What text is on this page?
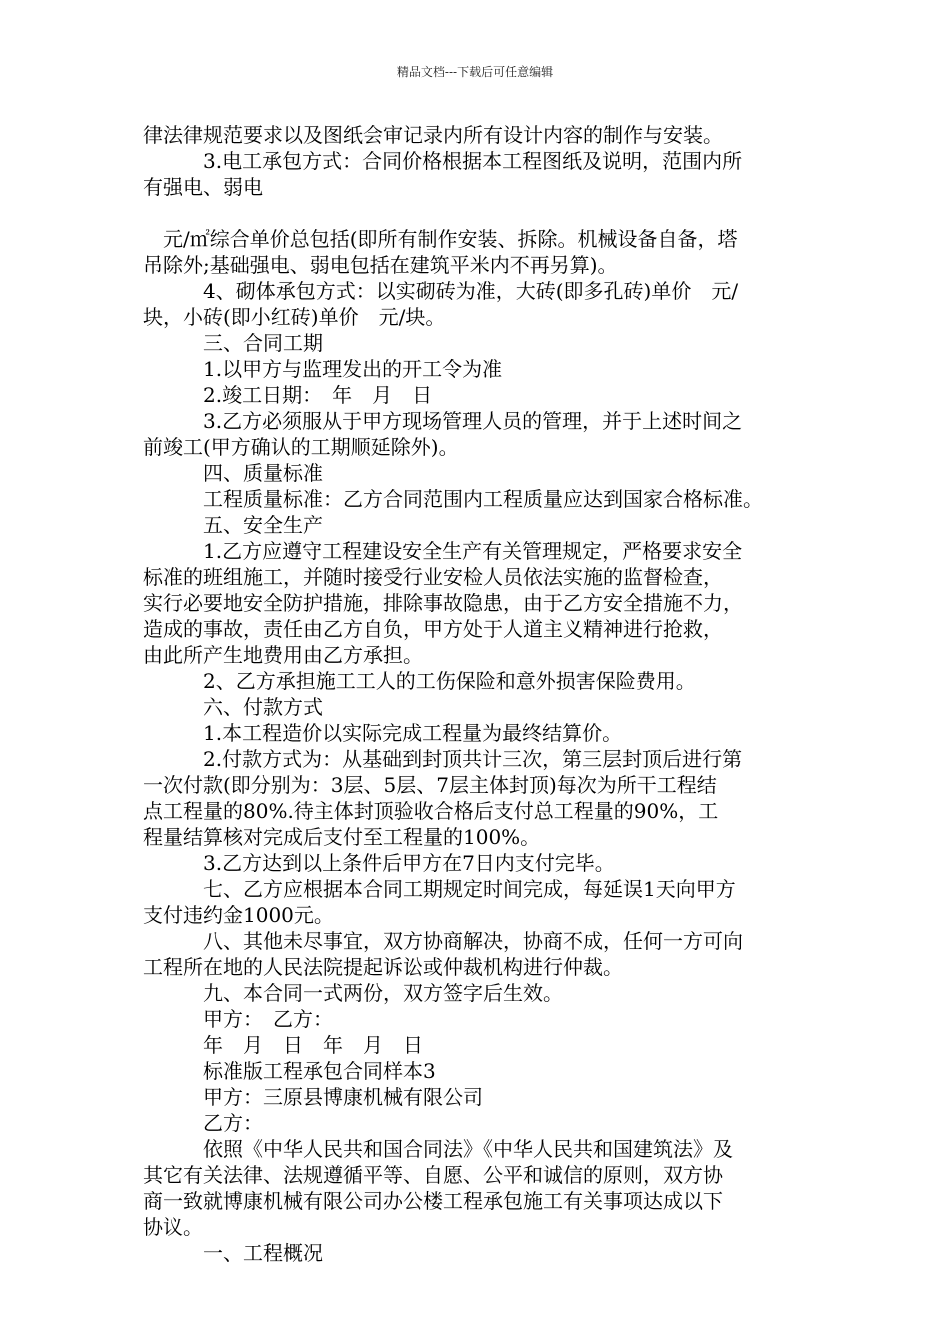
精品文档---下载后可任意编辑
律法律规范要求以及图纸会审记录内所有设计内容的制作与安装。
　　　3.电工承包方式：合同价格根据本工程图纸及说明，范围内所
有强电、弱电
　元/㎡综合单价总包括(即所有制作安装、拆除。机械设备自备，塔
吊除外;基础强电、弱电包括在建筑平米内不再另算)。
　　　4、砌体承包方式：以实砌砖为准，大砖(即多孔砖)单价　元/
块，小砖(即小红砖)单价　元/块。
　　　三、合同工期
　　　1.以甲方与监理发出的开工令为准
　　　2.竣工日期：　年　月　日
　　　3.乙方必须服从于甲方现场管理人员的管理，并于上述时间之
前竣工(甲方确认的工期顺延除外)。
　　　四、质量标准
　　　工程质量标准：乙方合同范围内工程质量应达到国家合格标准。
　　　五、安全生产
　　　1.乙方应遵守工程建设安全生产有关管理规定，严格要求安全
标准的班组施工，并随时接受行业安检人员依法实施的监督检查，
实行必要地安全防护措施，排除事故隐患，由于乙方安全措施不力，
造成的事故，责任由乙方自负，甲方处于人道主义精神进行抢救，
由此所产生地费用由乙方承担。
　　　2、乙方承担施工工人的工伤保险和意外损害保险费用。
　　　六、付款方式
　　　1.本工程造价以实际完成工程量为最终结算价。
　　　2.付款方式为：从基础到封顶共计三次，第三层封顶后进行第
一次付款(即分别为：3层、5层、7层主体封顶)每次为所干工程结
点工程量的80%.待主体封顶验收合格后支付总工程量的90%，工
程量结算核对完成后支付至工程量的100%。
　　　3.乙方达到以上条件后甲方在7日内支付完毕。
　　　七、乙方应根据本合同工期规定时间完成，每延误1天向甲方
支付违约金1000元。
　　　八、其他未尽事宜，双方协商解决，协商不成，任何一方可向
工程所在地的人民法院提起诉讼或仲裁机构进行仲裁。
　　　九、本合同一式两份，双方签字后生效。
　　　甲方：　乙方：
　　　年　月　日　年　月　日
　　　标准版工程承包合同样本3
　　　甲方：三原县博康机械有限公司
　　　乙方：
　　　依照《中华人民共和国合同法》《中华人民共和国建筑法》及
其它有关法律、法规遵循平等、自愿、公平和诚信的原则，双方协
商一致就博康机械有限公司办公楼工程承包施工有关事项达成以下
协议。
　　　一、工程概况
